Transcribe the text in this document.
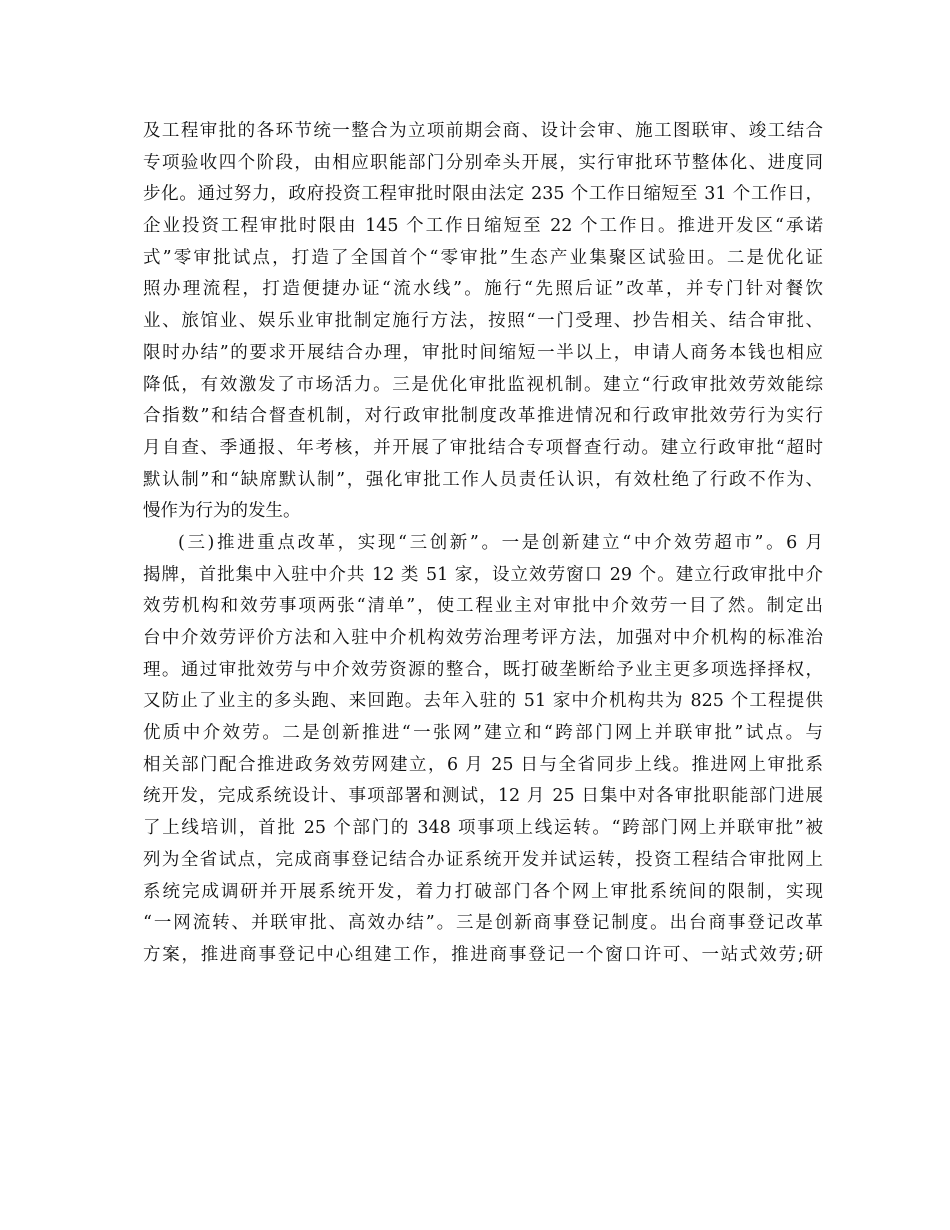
及工程审批的各环节统一整合为立项前期会商、设计会审、施工图联审、竣工结合
专项验收四个阶段，由相应职能部门分别牵头开展，实行审批环节整体化、进度同
步化。通过努力，政府投资工程审批时限由法定 235 个工作日缩短至 31 个工作日，
企业投资工程审批时限由 145 个工作日缩短至 22 个工作日。推进开发区“承诺
式”零审批试点，打造了全国首个“零审批”生态产业集聚区试验田。二是优化证
照办理流程，打造便捷办证“流水线”。施行“先照后证”改革，并专门针对餐饮
业、旅馆业、娱乐业审批制定施行方法，按照“一门受理、抄告相关、结合审批、
限时办结”的要求开展结合办理，审批时间缩短一半以上，申请人商务本钱也相应
降低，有效激发了市场活力。三是优化审批监视机制。建立“行政审批效劳效能综
合指数”和结合督查机制，对行政审批制度改革推进情况和行政审批效劳行为实行
月自查、季通报、年考核，并开展了审批结合专项督查行动。建立行政审批“超时
默认制”和“缺席默认制”，强化审批工作人员责任认识，有效杜绝了行政不作为、
慢作为行为的发生。
(三)推进重点改革，实现“三创新”。一是创新建立“中介效劳超市”。6 月
揭牌，首批集中入驻中介共 12 类 51 家，设立效劳窗口 29 个。建立行政审批中介
效劳机构和效劳事项两张“清单”，使工程业主对审批中介效劳一目了然。制定出
台中介效劳评价方法和入驻中介机构效劳治理考评方法，加强对中介机构的标准治
理。通过审批效劳与中介效劳资源的整合，既打破垄断给予业主更多项选择择权，
又防止了业主的多头跑、来回跑。去年入驻的 51 家中介机构共为 825 个工程提供
优质中介效劳。二是创新推进“一张网”建立和“跨部门网上并联审批”试点。与
相关部门配合推进政务效劳网建立，6 月 25 日与全省同步上线。推进网上审批系
统开发，完成系统设计、事项部署和测试，12 月 25 日集中对各审批职能部门进展
了上线培训，首批 25 个部门的 348 项事项上线运转。“跨部门网上并联审批”被
列为全省试点，完成商事登记结合办证系统开发并试运转，投资工程结合审批网上
系统完成调研并开展系统开发，着力打破部门各个网上审批系统间的限制，实现
“一网流转、并联审批、高效办结”。三是创新商事登记制度。出台商事登记改革
方案，推进商事登记中心组建工作，推进商事登记一个窗口许可、一站式效劳;研
